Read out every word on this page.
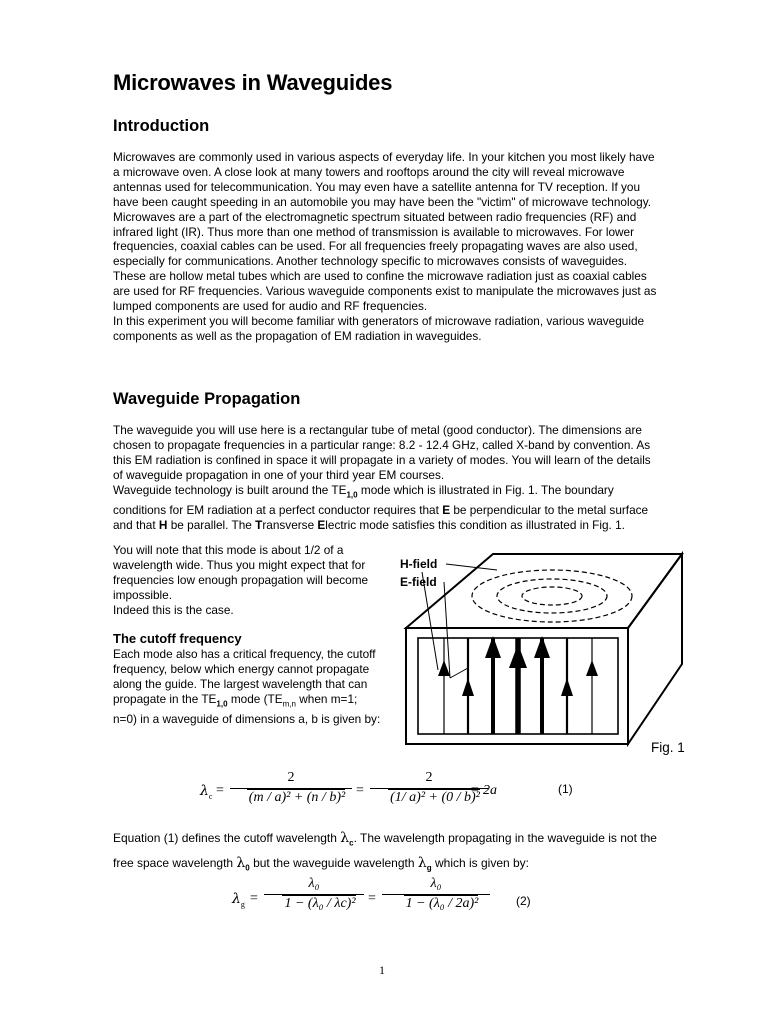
Microwaves in Waveguides
Introduction

Microwaves are commonly used in various aspects of everyday life. In your kitchen you most likely have a microwave oven. A close look at many towers and rooftops around the city will reveal microwave antennas used for telecommunication. You may even have a satellite antenna for TV reception. If you have been caught speeding in an automobile you may have been the "victim" of microwave technology.

Microwaves are a part of the electromagnetic spectrum situated between radio frequencies (RF) and infrared light (IR). Thus more than one method of transmission is available to microwaves. For lower frequencies, coaxial cables can be used. For all frequencies freely propagating waves are also used, especially for communications. Another technology specific to microwaves consists of waveguides. These are hollow metal tubes which are used to confine the microwave radiation just as coaxial cables are used for RF frequencies. Various waveguide components exist to manipulate the microwaves just as lumped components are used for audio and RF frequencies.

In this experiment you will become familiar with generators of microwave radiation, various waveguide components as well as the propagation of EM radiation in waveguides.

Waveguide Propagation

The waveguide you will use here is a rectangular tube of metal (good conductor). The dimensions are chosen to propagate frequencies in a particular range: 8.2 - 12.4 GHz, called X-band by convention. As this EM radiation is confined in space it will propagate in a variety of modes. You will learn of the details of waveguide propagation in one of your third year EM courses.

Waveguide technology is built around the $TE_{1,0}$ mode which is illustrated in Fig. 1. The boundary conditions for EM radiation at a perfect conductor requires that E be perpendicular to the metal surface and that H be parallel. The Transverse Electric mode satisfies this condition as illustrated in Fig. 1.

You will note that this mode is about 1/2 of a wavelength wide. Thus you might expect that for frequencies low enough propagation will become impossible.

Indeed this is the case.

The cutoff frequency

Each mode also has a critical frequency, the cutoff frequency, below which energy cannot propagate along the guide. The largest wavelength that can propagate in the $TE_{1,0}$ mode ($TE_{m,n}$ when m=1; n=0) in a waveguide of dimensions a, b is given by:

H-field
E-field
Fig. 1
$\lambda_c$ =
2
(m / a)² + (n / b)² =
2
(1/ a)² + (0 / b)²
= 2a	(1)

Equation (1) defines the cutoff wavelength $\lambda_c$. The wavelength propagating in the waveguide is not the free space wavelength $\lambda_0$ but the waveguide wavelength $\lambda_g$ which is given by:

$\lambda_g$ =
λ₀
1 − (λ₀ / λc)² =
λ₀
1 − (λ₀ / 2a)²	(2)
1
